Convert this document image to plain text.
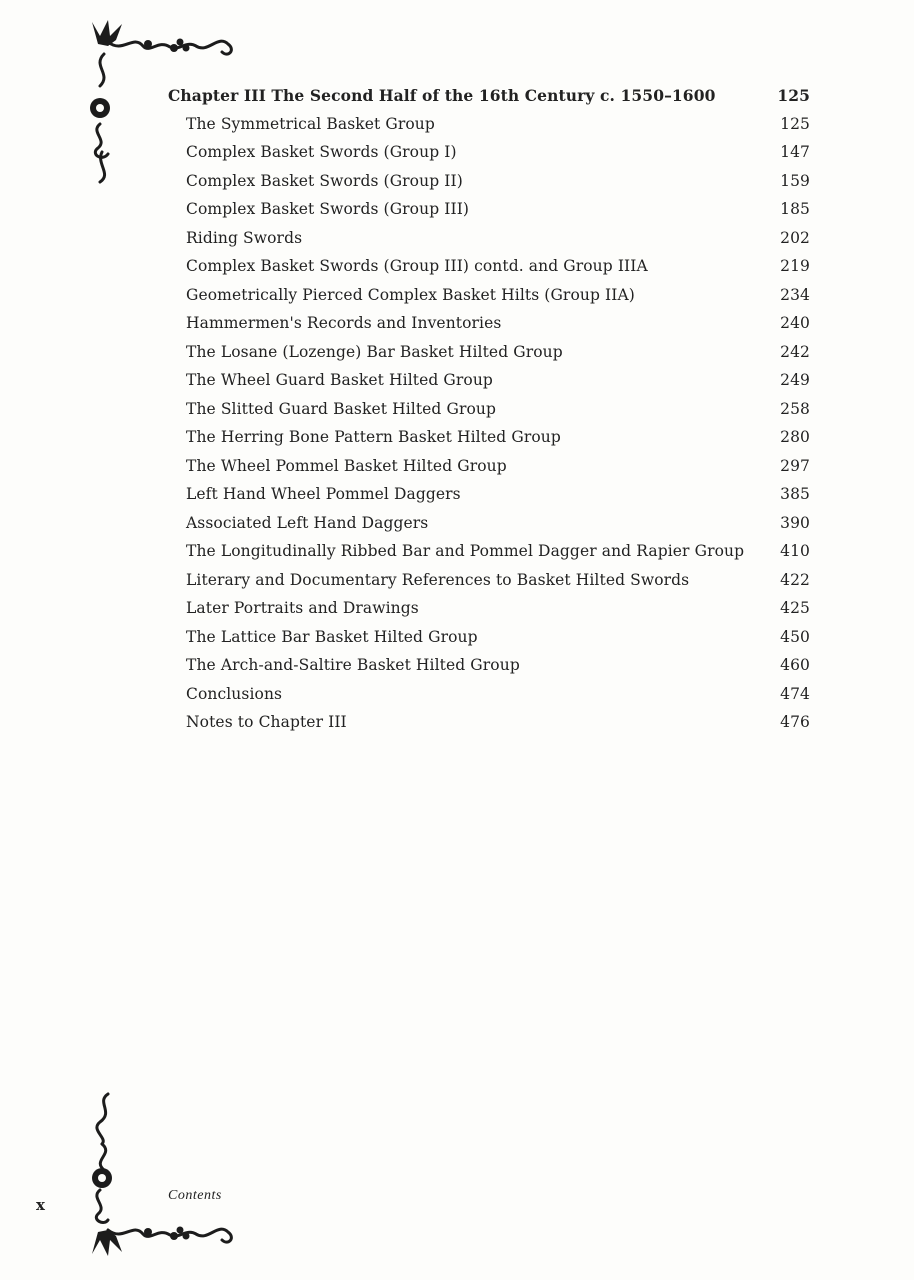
Chapter III The Second Half of the 16th Century c. 1550–1600	125
The Symmetrical Basket Group	125
Complex Basket Swords (Group I)	147
Complex Basket Swords (Group II)	159
Complex Basket Swords (Group III)	185
Riding Swords	202
Complex Basket Swords (Group III) contd. and Group IIIA	219
Geometrically Pierced Complex Basket Hilts (Group IIA)	234
Hammermen's Records and Inventories	240
The Losane (Lozenge) Bar Basket Hilted Group	242
The Wheel Guard Basket Hilted Group	249
The Slitted Guard Basket Hilted Group	258
The Herring Bone Pattern Basket Hilted Group	280
The Wheel Pommel Basket Hilted Group	297
Left Hand Wheel Pommel Daggers	385
Associated Left Hand Daggers	390
The Longitudinally Ribbed Bar and Pommel Dagger and Rapier Group	410
Literary and Documentary References to Basket Hilted Swords	422
Later Portraits and Drawings	425
The Lattice Bar Basket Hilted Group	450
The Arch-and-Saltire Basket Hilted Group	460
Conclusions	474
Notes to Chapter III	476
x
Contents
